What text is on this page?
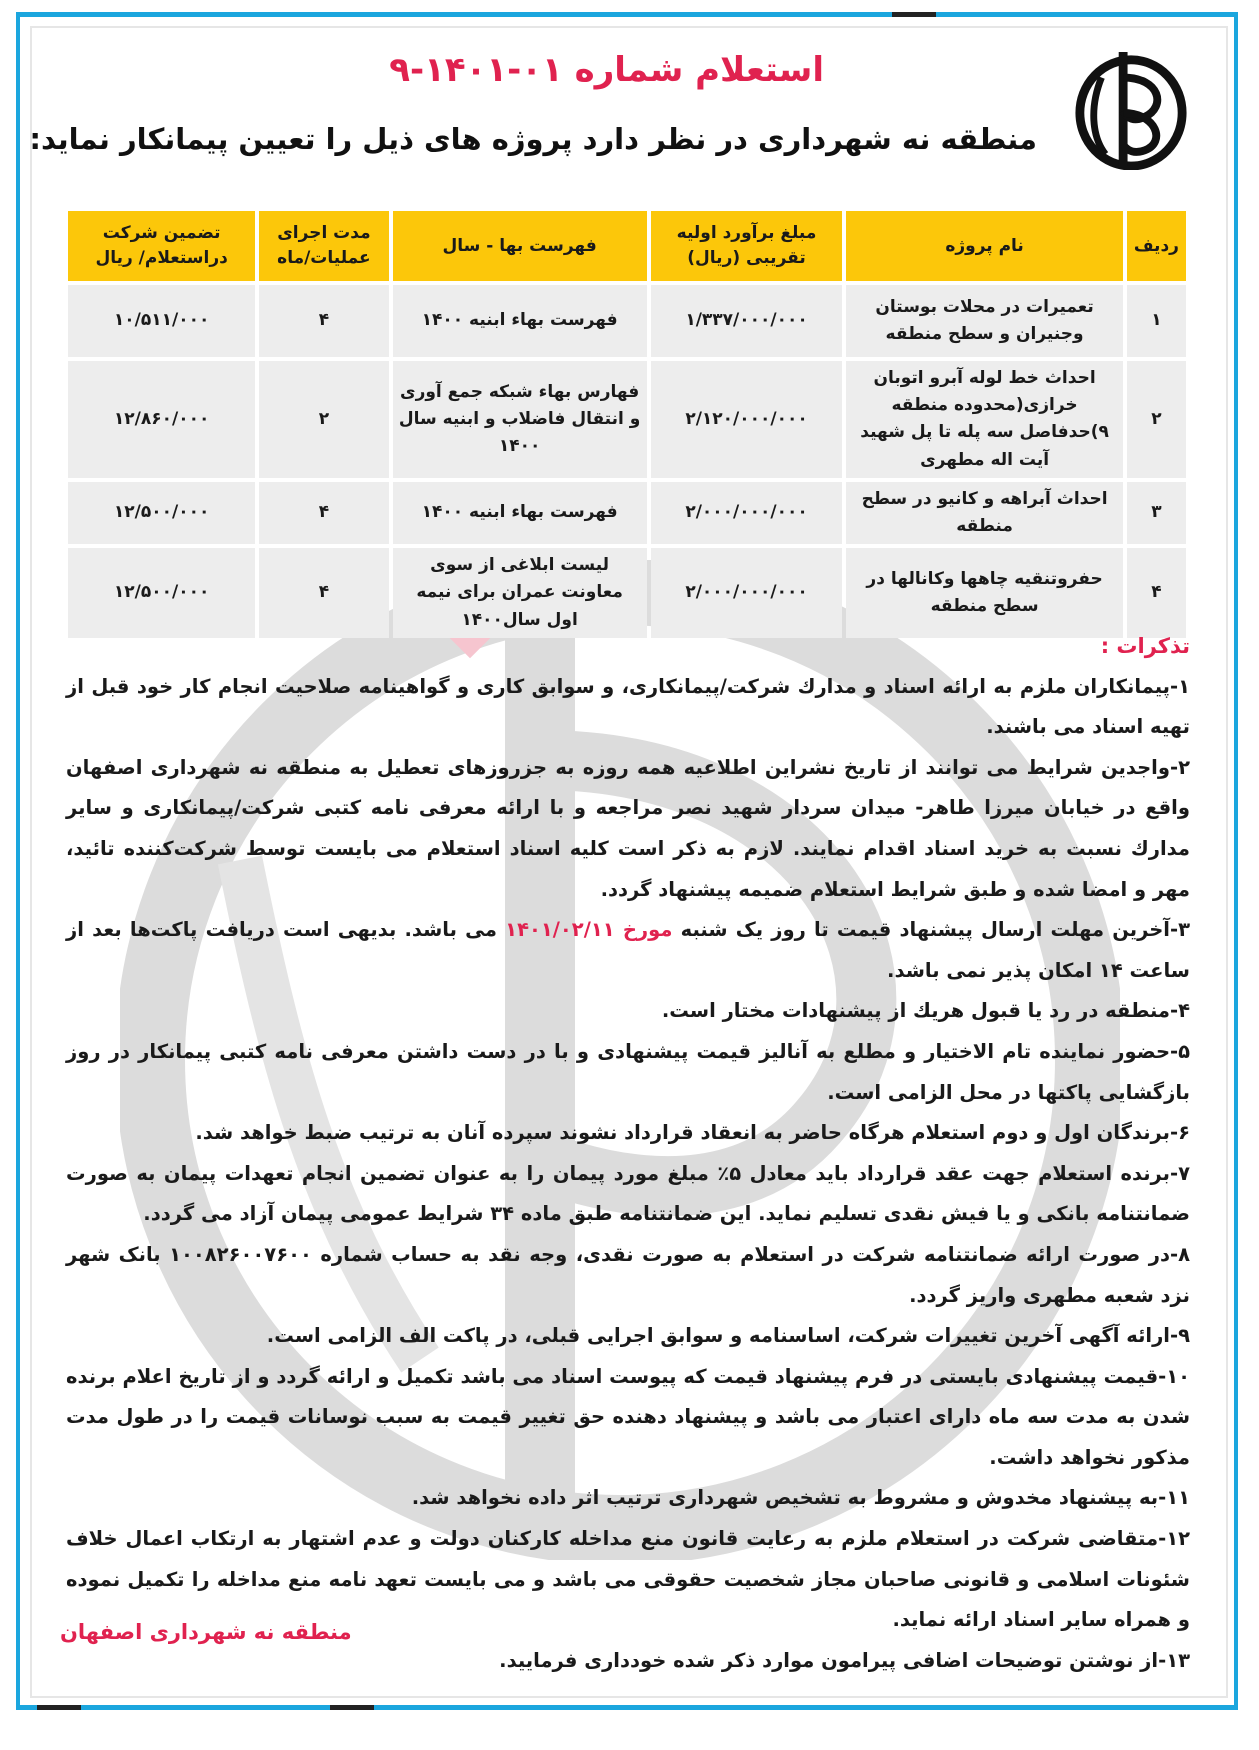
استعلام شماره ۰۱-۱۴۰۱-۹
منطقه نه شهرداری در نظر دارد پروژه های ذیل را تعیین پیمانکار نماید:
ردیف	نام پروژه	مبلغ برآورد اولیه تقریبی (ریال)	فهرست بها - سال	مدت اجرای عملیات/ماه	تضمین شرکت دراستعلام/ ریال
۱	تعمیرات در محلات بوستان وجنیران و سطح منطقه	۱/۳۳۷/۰۰۰/۰۰۰	فهرست بهاء ابنیه ۱۴۰۰	۴	۱۰/۵۱۱/۰۰۰
۲	احداث خط لوله آبرو اتوبان خرازی(محدوده منطقه ۹)حدفاصل سه پله تا پل شهید آیت اله مطهری	۲/۱۲۰/۰۰۰/۰۰۰	فهارس بهاء شبکه جمع آوری و انتقال فاضلاب و ابنیه سال ۱۴۰۰	۲	۱۲/۸۶۰/۰۰۰
۳	احداث آبراهه و کانیو در سطح منطقه	۲/۰۰۰/۰۰۰/۰۰۰	فهرست بهاء ابنیه ۱۴۰۰	۴	۱۲/۵۰۰/۰۰۰
۴	حفروتنقیه چاهها وکانالها در سطح منطقه	۲/۰۰۰/۰۰۰/۰۰۰	لیست ابلاغی از سوی معاونت عمران برای نیمه اول سال۱۴۰۰	۴	۱۲/۵۰۰/۰۰۰

تذکرات :

۱-پیمانکاران ملزم به ارائه اسناد و مدارك شرکت/پیمانکاری، و سوابق کاری و گواهینامه صلاحیت انجام کار خود قبل از تهیه اسناد می باشند.

۲-واجدین شرایط می توانند از تاریخ نشراین اطلاعیه همه روزه به جزروزهای تعطیل به منطقه نه شهرداری اصفهان واقع در خیابان میرزا طاهر- میدان سردار شهید نصر مراجعه و با ارائه معرفی نامه کتبی شرکت/پیمانکاری و سایر مدارك نسبت به خرید اسناد اقدام نمایند. لازم به ذکر است کلیه اسناد استعلام می بایست توسط شرکت‌کننده تائید، مهر و امضا شده و طبق شرایط استعلام ضمیمه پیشنهاد گردد.

۳-آخرین مهلت ارسال پیشنهاد قیمت تا روز یک شنبه مورخ ۱۴۰۱/۰۲/۱۱ می باشد. بدیهی است دریافت پاکت‌ها بعد از ساعت ۱۴ امکان پذیر نمی باشد.

۴-منطقه در رد یا قبول هریك از پیشنهادات مختار است.

۵-حضور نماینده تام الاختیار و مطلع به آنالیز قیمت پیشنهادی و با در دست داشتن معرفی نامه کتبی پیمانکار در روز بازگشایی پاکتها در محل الزامی است.

۶-برندگان اول و دوم استعلام هرگاه حاضر به انعقاد قرارداد نشوند سپرده آنان به ترتیب ضبط خواهد شد.

۷-برنده استعلام جهت عقد قرارداد باید معادل ۵٪ مبلغ مورد پیمان را به عنوان تضمین انجام تعهدات پیمان به صورت ضمانتنامه بانکی و یا فیش نقدی تسلیم نماید. این ضمانتنامه طبق ماده ۳۴ شرایط عمومی پیمان آزاد می گردد.

۸-در صورت ارائه ضمانتنامه شرکت در استعلام به صورت نقدی، وجه نقد به حساب شماره ۱۰۰۸۲۶۰۰۷۶۰۰ بانک شهر نزد شعبه مطهری واریز گردد.

۹-ارائه آگهی آخرین تغییرات شرکت، اساسنامه و سوابق اجرایی قبلی، در پاکت الف الزامی است.

۱۰-قیمت پیشنهادی بایستی در فرم پیشنهاد قیمت که پیوست اسناد می باشد تکمیل و ارائه گردد و از تاریخ اعلام برنده شدن به مدت سه ماه دارای اعتبار می باشد و پیشنهاد دهنده حق تغییر قیمت به سبب نوسانات قیمت را در طول مدت مذکور نخواهد داشت.

۱۱-به پیشنهاد مخدوش و مشروط به تشخیص شهرداری ترتیب اثر داده نخواهد شد.

۱۲-متقاضی شرکت در استعلام ملزم به رعایت قانون منع مداخله کارکنان دولت و عدم اشتهار به ارتکاب اعمال خلاف شئونات اسلامی و قانونی صاحبان مجاز شخصیت حقوقی می باشد و می بایست تعهد نامه منع مداخله را تکمیل نموده و همراه سایر اسناد ارائه نماید.

۱۳-از نوشتن توضیحات اضافی پیرامون موارد ذکر شده خودداری فرمایید.

منطقه نه شهرداری اصفهان
